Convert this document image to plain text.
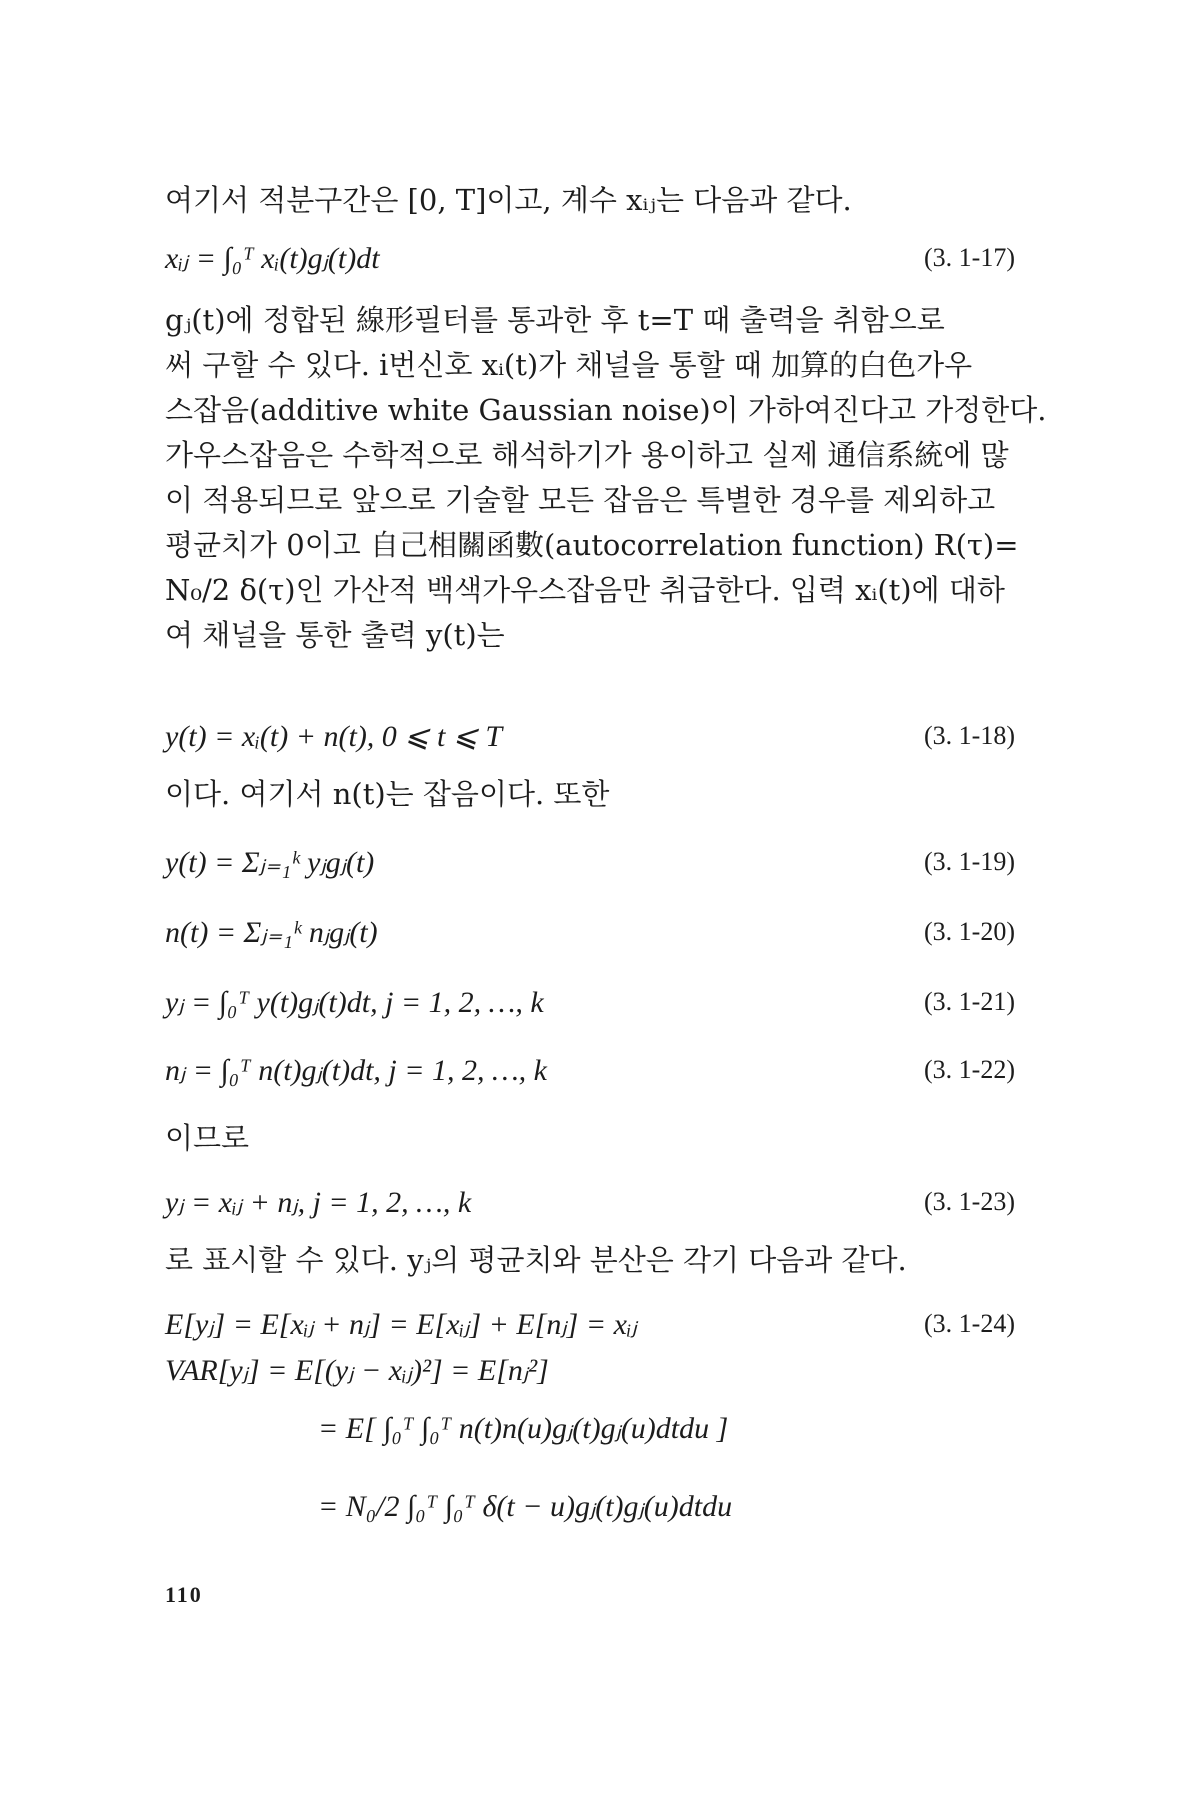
여기서 적분구간은 [0, T]이고, 계수 xᵢⱼ는 다음과 같다.

xᵢⱼ = ∫₀ᵀ xᵢ(t)gⱼ(t)dt	(3. 1-17)

gⱼ(t)에 정합된 線形필터를 통과한 후 t=T 때 출력을 취함으로
써 구할 수 있다. i번신호 xᵢ(t)가 채널을 통할 때 加算的白色가우
스잡음(additive white Gaussian noise)이 가하여진다고 가정한다.
가우스잡음은 수학적으로 해석하기가 용이하고 실제 通信系統에 많
이 적용되므로 앞으로 기술할 모든 잡음은 특별한 경우를 제외하고
평균치가 0이고 自己相關函數(autocorrelation function) R(τ)=
N₀/2 δ(τ)인 가산적 백색가우스잡음만 취급한다. 입력 xᵢ(t)에 대하
여 채널을 통한 출력 y(t)는

y(t) = xᵢ(t) + n(t), 0 ⩽ t ⩽ T	(3. 1-18)

이다. 여기서 n(t)는 잡음이다. 또한

y(t) = Σⱼ₌₁ᵏ yⱼgⱼ(t)	(3. 1-19)
n(t) = Σⱼ₌₁ᵏ nⱼgⱼ(t)	(3. 1-20)
yⱼ = ∫₀ᵀ y(t)gⱼ(t)dt, j = 1, 2, …, k	(3. 1-21)
nⱼ = ∫₀ᵀ n(t)gⱼ(t)dt, j = 1, 2, …, k	(3. 1-22)

이므로

yⱼ = xᵢⱼ + nⱼ, j = 1, 2, …, k	(3. 1-23)

로 표시할 수 있다. yⱼ의 평균치와 분산은 각기 다음과 같다.

E[yⱼ] = E[xᵢⱼ + nⱼ] = E[xᵢⱼ] + E[nⱼ] = xᵢⱼ	(3. 1-24)
VAR[yⱼ] = E[(yⱼ − xᵢⱼ)²] = E[nⱼ²]
= E[ ∫₀ᵀ ∫₀ᵀ n(t)n(u)gⱼ(t)gⱼ(u)dtdu ]
= N₀/2 ∫₀ᵀ ∫₀ᵀ δ(t − u)gⱼ(t)gⱼ(u)dtdu
110
